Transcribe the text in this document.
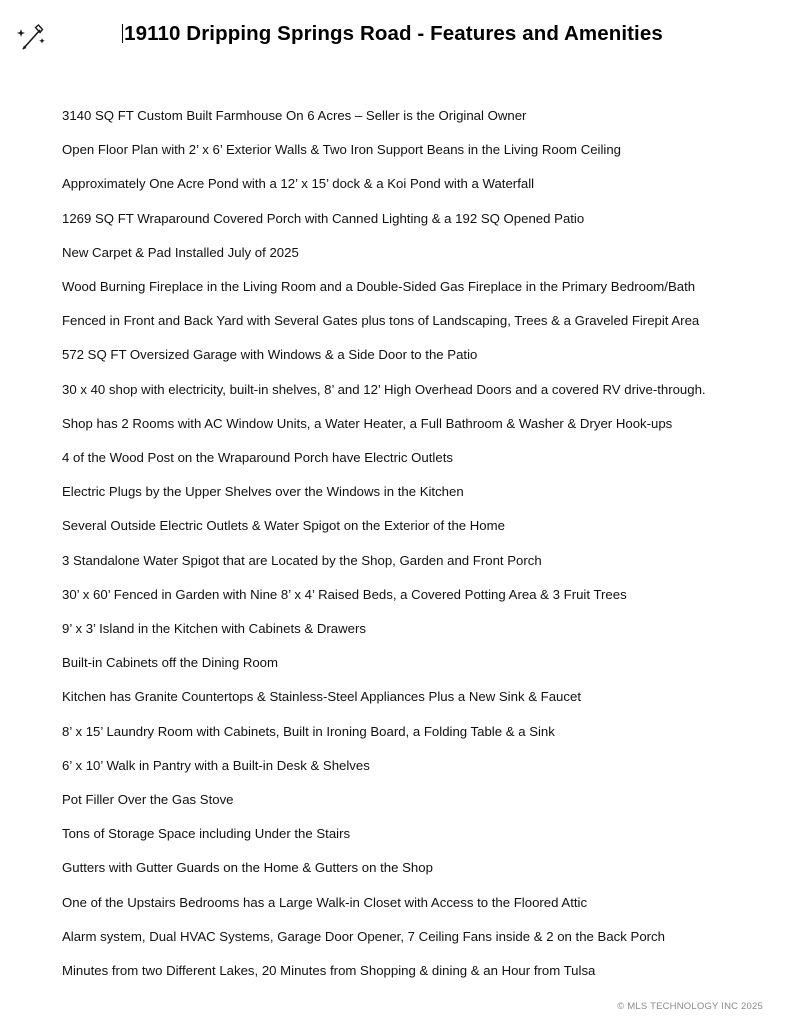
19110 Dripping Springs Road - Features and Amenities
3140 SQ FT Custom Built Farmhouse On 6 Acres – Seller is the Original Owner
Open Floor Plan with 2’ x 6’ Exterior Walls & Two Iron Support Beans in the Living Room Ceiling
Approximately One Acre Pond with a 12’ x 15’ dock & a Koi Pond with a Waterfall
1269 SQ FT Wraparound Covered Porch with Canned Lighting & a 192 SQ Opened Patio
New Carpet & Pad Installed July of 2025
Wood Burning Fireplace in the Living Room and a Double-Sided Gas Fireplace in the Primary Bedroom/Bath
Fenced in Front and Back Yard with Several Gates plus tons of Landscaping, Trees & a Graveled Firepit Area
572 SQ FT Oversized Garage with Windows & a Side Door to the Patio
30 x 40 shop with electricity, built-in shelves, 8’ and 12’ High Overhead Doors and a covered RV drive-through.
Shop has 2 Rooms with AC Window Units, a Water Heater, a Full Bathroom & Washer & Dryer Hook-ups
4 of the Wood Post on the Wraparound Porch have Electric Outlets
Electric Plugs by the Upper Shelves over the Windows in the Kitchen
Several Outside Electric Outlets & Water Spigot on the Exterior of the Home
3 Standalone Water Spigot that are Located by the Shop, Garden and Front Porch
30’ x 60’ Fenced in Garden with Nine 8’ x 4’ Raised Beds, a Covered Potting Area & 3 Fruit Trees
9’ x 3’ Island in the Kitchen with Cabinets & Drawers
Built-in Cabinets off the Dining Room
Kitchen has Granite Countertops & Stainless-Steel Appliances Plus a New Sink & Faucet
8’ x 15’ Laundry Room with Cabinets, Built in Ironing Board, a Folding Table & a Sink
6’ x 10’ Walk in Pantry with a Built-in Desk & Shelves
Pot Filler Over the Gas Stove
Tons of Storage Space including Under the Stairs
Gutters with Gutter Guards on the Home & Gutters on the Shop
One of the Upstairs Bedrooms has a Large Walk-in Closet with Access to the Floored Attic
Alarm system, Dual HVAC Systems, Garage Door Opener, 7 Ceiling Fans inside & 2 on the Back Porch
Minutes from two Different Lakes, 20 Minutes from Shopping & dining & an Hour from Tulsa
© MLS TECHNOLOGY INC 2025
